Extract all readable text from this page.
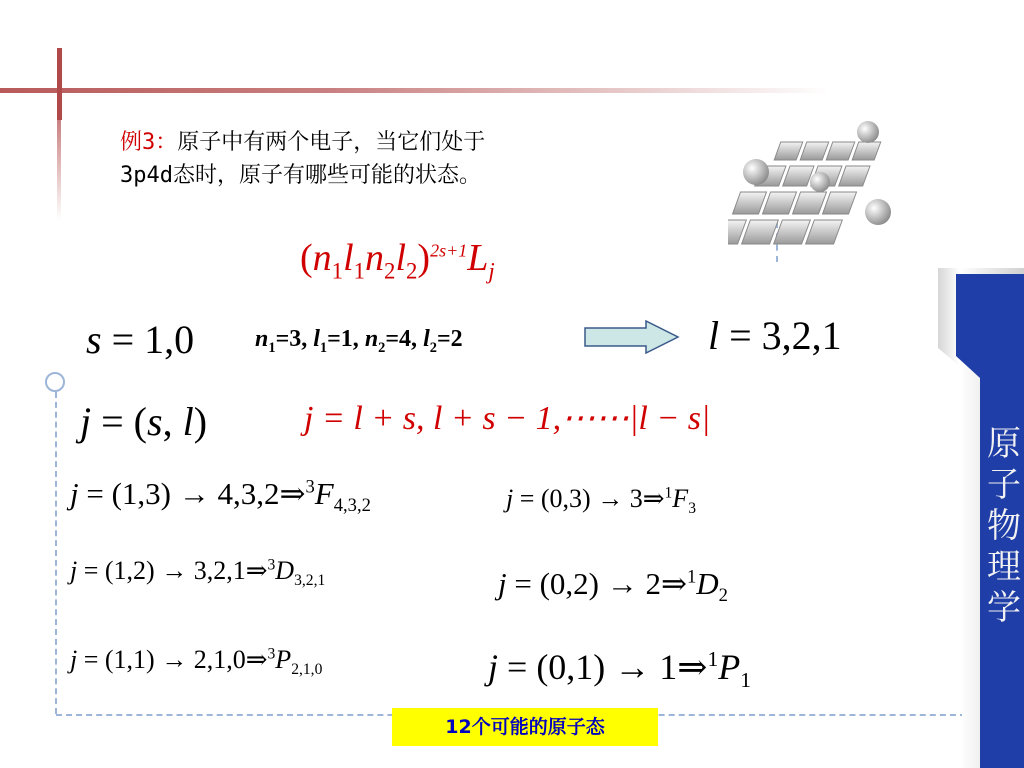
原
子
物
理
学
例3：原子中有两个电子，当它们处于
3p4d态时，原子有哪些可能的状态。
$(n_1l_1n_2l_2)^{2s+1}L_j$
s = 1,0	$n_1=3$, $l_1=1$, $n_2=4$, $l_2=2$	l = 3,2,1
j = (s, l)	j = l + s, l + s − 1,⋯⋯|l − s|
$j = (1,3) \to 4,3,2\Rightarrow^3F_{4,3,2}$
$j = (1,2) \to 3,2,1\Rightarrow^3D_{3,2,1}$
$j = (1,1) \to 2,1,0\Rightarrow^3P_{2,1,0}$
$j = (0,3) \to 3\Rightarrow^1F_3$
$j = (0,2) \to 2\Rightarrow^1D_2$
$j = (0,1) \to 1\Rightarrow^1P_1$
12个可能的原子态
